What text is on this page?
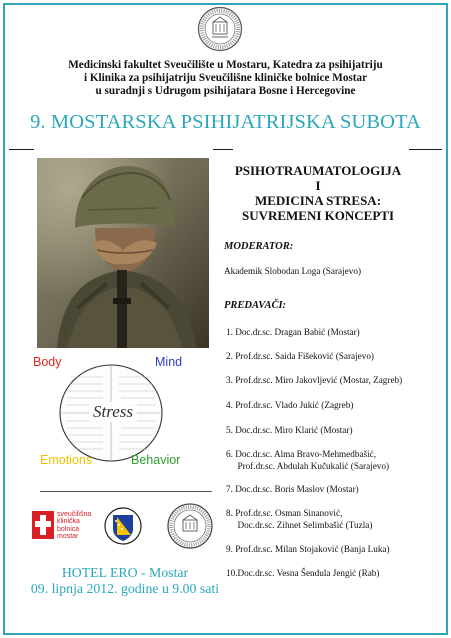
Medicinski fakultet Sveučilište u Mostaru, Katedra za psihijatriju
i Klinika za psihijatriju Sveučilišne kliničke bolnice Mostar
u suradnji s Udrugom psihijatara Bosne i Hercegovine
9. MOSTARSKA PSIHIJATRIJSKA SUBOTA
Stress
Body	Mind
Emotions	Behavior
sveučilišna
klinička
bolnica
mostar
HOTEL ERO - Mostar
09. lipnja 2012. godine u 9.00 sati
PSIHOTRAUMATOLOGIJA I
MEDICINA STRESA:
SUVREMENI KONCEPTI
MODERATOR:
Akademik Slobodan Loga (Sarajevo)
PREDAVAČI:
1. Doc.dr.sc. Dragan Babić (Mostar)
2. Prof.dr.sc. Saida Fišeković (Sarajevo)
3. Prof.dr.sc. Miro Jakovljević (Mostar, Zagreb)
4. Prof.dr.sc. Vlado Jukić (Zagreb)
5. Doc.dr.sc. Miro Klarić (Mostar)
6. Doc.dr.sc. Alma Bravo-Mehmedbašić,
Prof.dr.sc. Abdulah Kučukalić (Sarajevo)
7. Doc.dr.sc. Boris Maslov (Mostar)
8. Prof.dr.sc. Osman Sinanović,
Doc.dr.sc. Zihnet Selimbašić (Tuzla)
9. Prof.dr.sc. Milan Stojaković (Banja Luka)
10.Doc.dr.sc. Vesna Šendula Jengić (Rab)
